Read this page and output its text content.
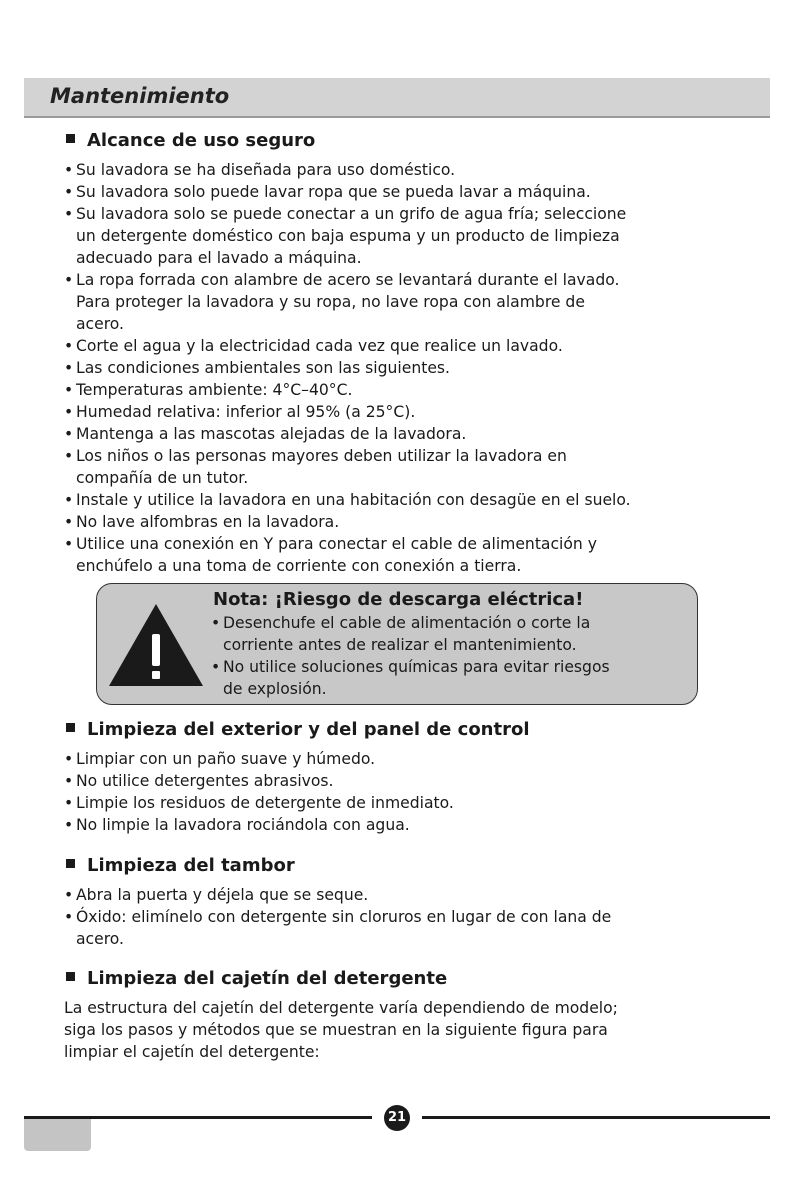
Mantenimiento
Alcance de uso seguro
• Su lavadora se ha diseñada para uso doméstico.
• Su lavadora solo puede lavar ropa que se pueda lavar a máquina.
• Su lavadora solo se puede conectar a un grifo de agua fría; seleccione
un detergente doméstico con baja espuma y un producto de limpieza
adecuado para el lavado a máquina.
• La ropa forrada con alambre de acero se levantará durante el lavado.
Para proteger la lavadora y su ropa, no lave ropa con alambre de
acero.
• Corte el agua y la electricidad cada vez que realice un lavado.
• Las condiciones ambientales son las siguientes.
• Temperaturas ambiente: 4°C–40°C.
• Humedad relativa: inferior al 95% (a 25°C).
• Mantenga a las mascotas alejadas de la lavadora.
• Los niños o las personas mayores deben utilizar la lavadora en
compañía de un tutor.
• Instale y utilice la lavadora en una habitación con desagüe en el suelo.
• No lave alfombras en la lavadora.
• Utilice una conexión en Y para conectar el cable de alimentación y
enchúfelo a una toma de corriente con conexión a tierra.
Nota: ¡Riesgo de descarga eléctrica!
• Desenchufe el cable de alimentación o corte la
corriente antes de realizar el mantenimiento.
• No utilice soluciones químicas para evitar riesgos
de explosión.
Limpieza del exterior y del panel de control
• Limpiar con un paño suave y húmedo.
• No utilice detergentes abrasivos.
• Limpie los residuos de detergente de inmediato.
• No limpie la lavadora rociándola con agua.
Limpieza del tambor
• Abra la puerta y déjela que se seque.
• Óxido: elimínelo con detergente sin cloruros en lugar de con lana de
acero.
Limpieza del cajetín del detergente

La estructura del cajetín del detergente varía dependiendo de modelo;
siga los pasos y métodos que se muestran en la siguiente figura para
limpiar el cajetín del detergente:

21
